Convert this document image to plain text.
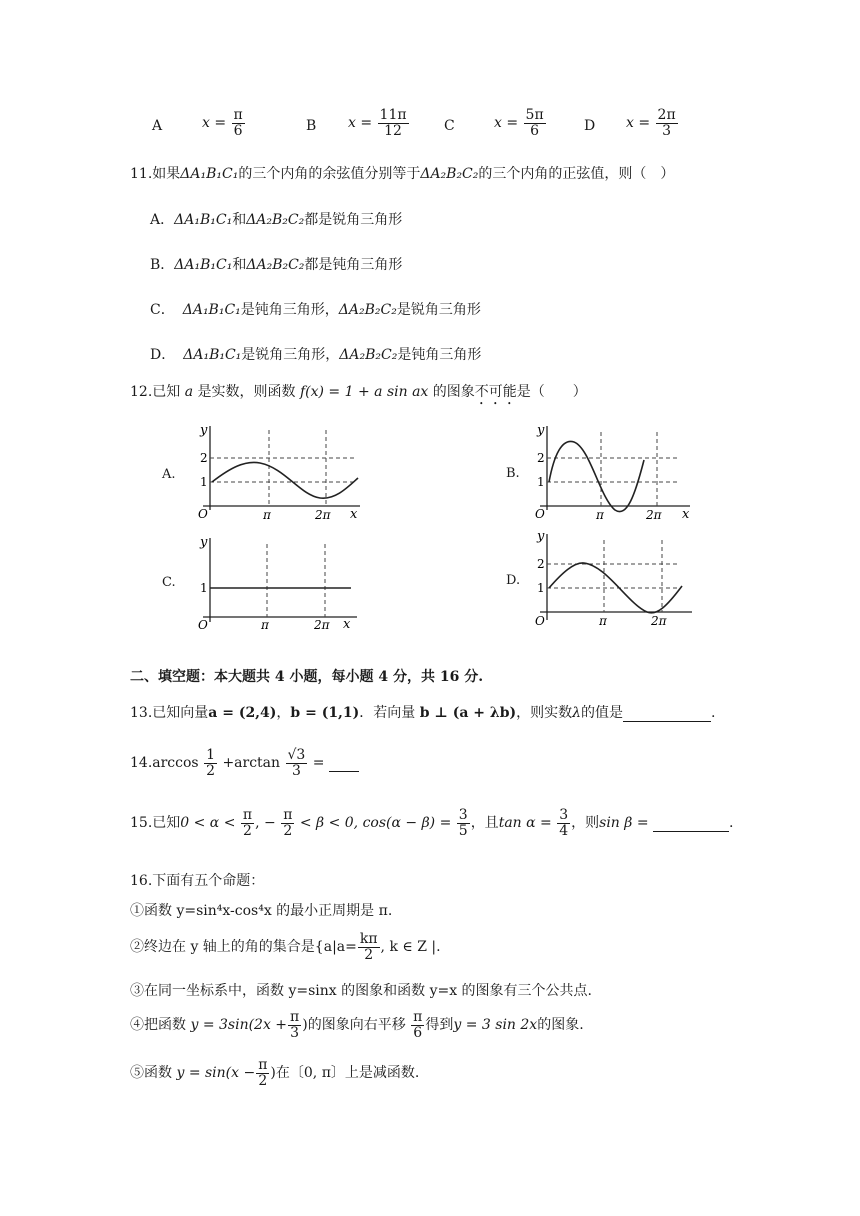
A	$x = \frac{\pi}{6}$	B $x = \frac{11\pi}{12}$	C	$x = \frac{5\pi}{6}$	D $x = \frac{2\pi}{3}$
11.如果ΔA₁B₁C₁的三个内角的余弦值分别等于ΔA₂B₂C₂的三个内角的正弦值，则（　）
A．ΔA₁B₁C₁和ΔA₂B₂C₂都是锐角三角形
B．ΔA₁B₁C₁和ΔA₂B₂C₂都是钝角三角形
C． ΔA₁B₁C₁是钝角三角形，ΔA₂B₂C₂是锐角三角形
D． ΔA₁B₁C₁是锐角三角形，ΔA₂B₂C₂是钝角三角形
12.已知 a 是实数，则函数 f(x) = 1 + a sin ax 的图象不可能是（　　）
A.
y
2
1
O	π	2π x
B.
y
2
1
O	π	2π x
C.
y
1
O	π	2π x
D.
y
2
1
O	π	2π
二、填空题：本大题共 4 小题，每小题 4 分，共 16 分.
13.已知向量a = (2,4)，b = (1,1)．若向量 b ⊥ (a + λb)，则实数λ的值是	.
$14.\arccos \frac{1}{2} +\arctan \frac{√3}{3}$ =
15.已知$0 < \alpha < \frac{\pi}{2}$ , − $\frac{\pi}{2} < \beta < 0$, $\cos(\alpha - \beta) = \frac{3}{5}$ ，且$\tan \alpha = \frac{3}{4}$ ，则sin β =	.
16.下面有五个命题：
①函数 y=sin⁴x-cos⁴x 的最小正周期是 π.
②终边在 y 轴上的角的集合是{$a|a= \frac{k\pi}{2}$ , k ∈ Z |.
③在同一坐标系中，函数 y=sinx 的图象和函数 y=x 的图象有三个公共点.
④把函数 $y = 3\sin(2x + \frac{\pi}{3}$ )的图象向右平移 $\frac{\pi}{6}$ 得到y = 3 sin 2x的图象.
⑤函数 $y = \sin(x - \frac{\pi}{2}$ )在〔0, π〕上是减函数.
